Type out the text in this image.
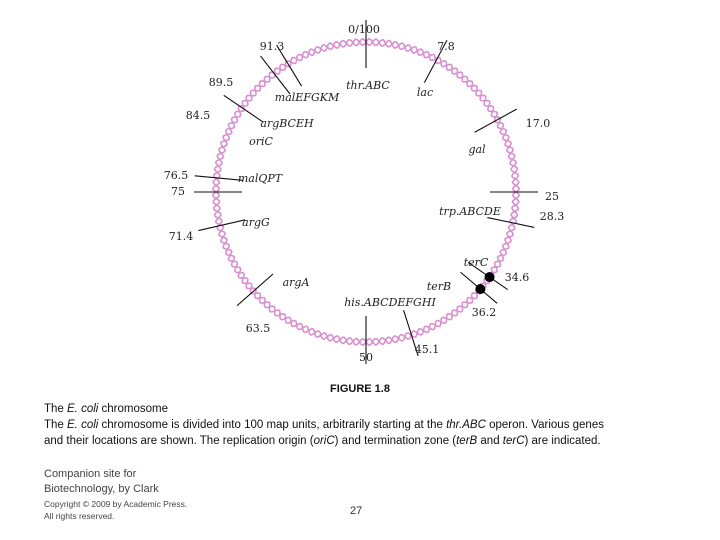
0/100
7.8
17.0
25
28.3
34.6
36.2
45.1
50
63.5
71.4
75
76.5
84.5
89.5
91.3
thr.ABC
lac
gal
trp.ABCDE
terC
terB
his.ABCDEFGHI
argA
argG
malQPT
oriC
argBCEH
malEFGKM
FIGURE 1.8
The E. coli chromosome
The E. coli chromosome is divided into 100 map units, arbitrarily starting at the thr.ABC operon. Various genes
and their locations are shown. The replication origin (oriC) and termination zone (terB and terC) are indicated.
Companion site for
Biotechnology, by Clark
Copyright © 2009 by Academic Press.
All rights reserved.	27
